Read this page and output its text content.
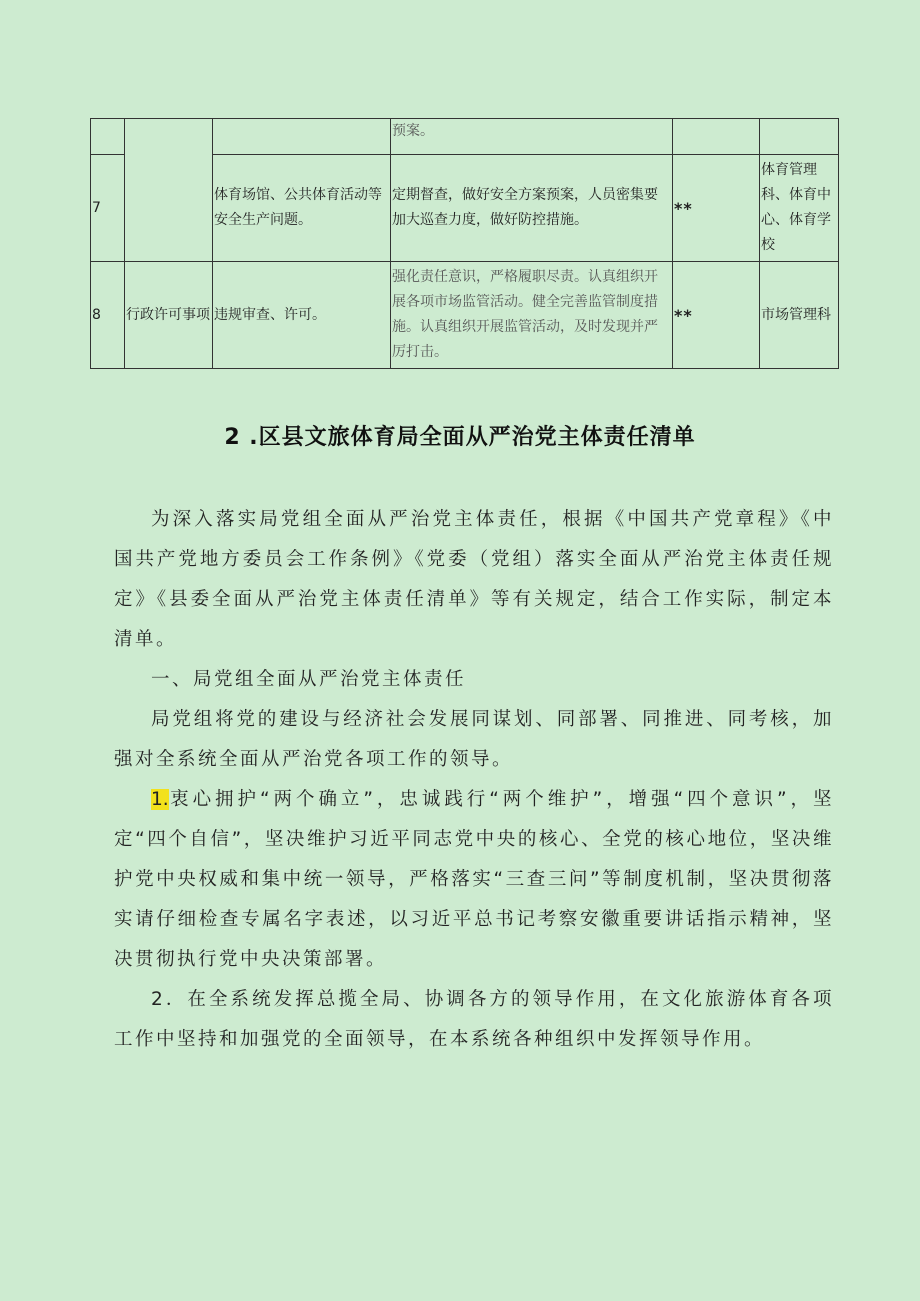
			预案。		
7		体育场馆、公共体育活动等安全生产问题。	定期督查，做好安全方案预案，人员密集要加大巡查力度，做好防控措施。	**	体育管理科、体育中心、体育学校
8	行政许可事项	违规审查、许可。	强化责任意识，严格履职尽责。认真组织开展各项市场监管活动。健全完善监管制度措施。认真组织开展监管活动，及时发现并严厉打击。	**	市场管理科
2 .区县文旅体育局全面从严治党主体责任清单

为深入落实局党组全面从严治党主体责任，根据《中国共产党章程》《中国共产党地方委员会工作条例》《党委（党组）落实全面从严治党主体责任规定》《县委全面从严治党主体责任清单》等有关规定，结合工作实际，制定本清单。

一、局党组全面从严治党主体责任

局党组将党的建设与经济社会发展同谋划、同部署、同推进、同考核，加强对全系统全面从严治党各项工作的领导。

1.衷心拥护“两个确立”，忠诚践行“两个维护”，增强“四个意识”，坚定“四个自信”，坚决维护习近平同志党中央的核心、全党的核心地位，坚决维护党中央权威和集中统一领导，严格落实“三查三问”等制度机制，坚决贯彻落实请仔细检查专属名字表述，以习近平总书记考察安徽重要讲话指示精神，坚决贯彻执行党中央决策部署。

2．在全系统发挥总揽全局、协调各方的领导作用，在文化旅游体育各项工作中坚持和加强党的全面领导，在本系统各种组织中发挥领导作用。
